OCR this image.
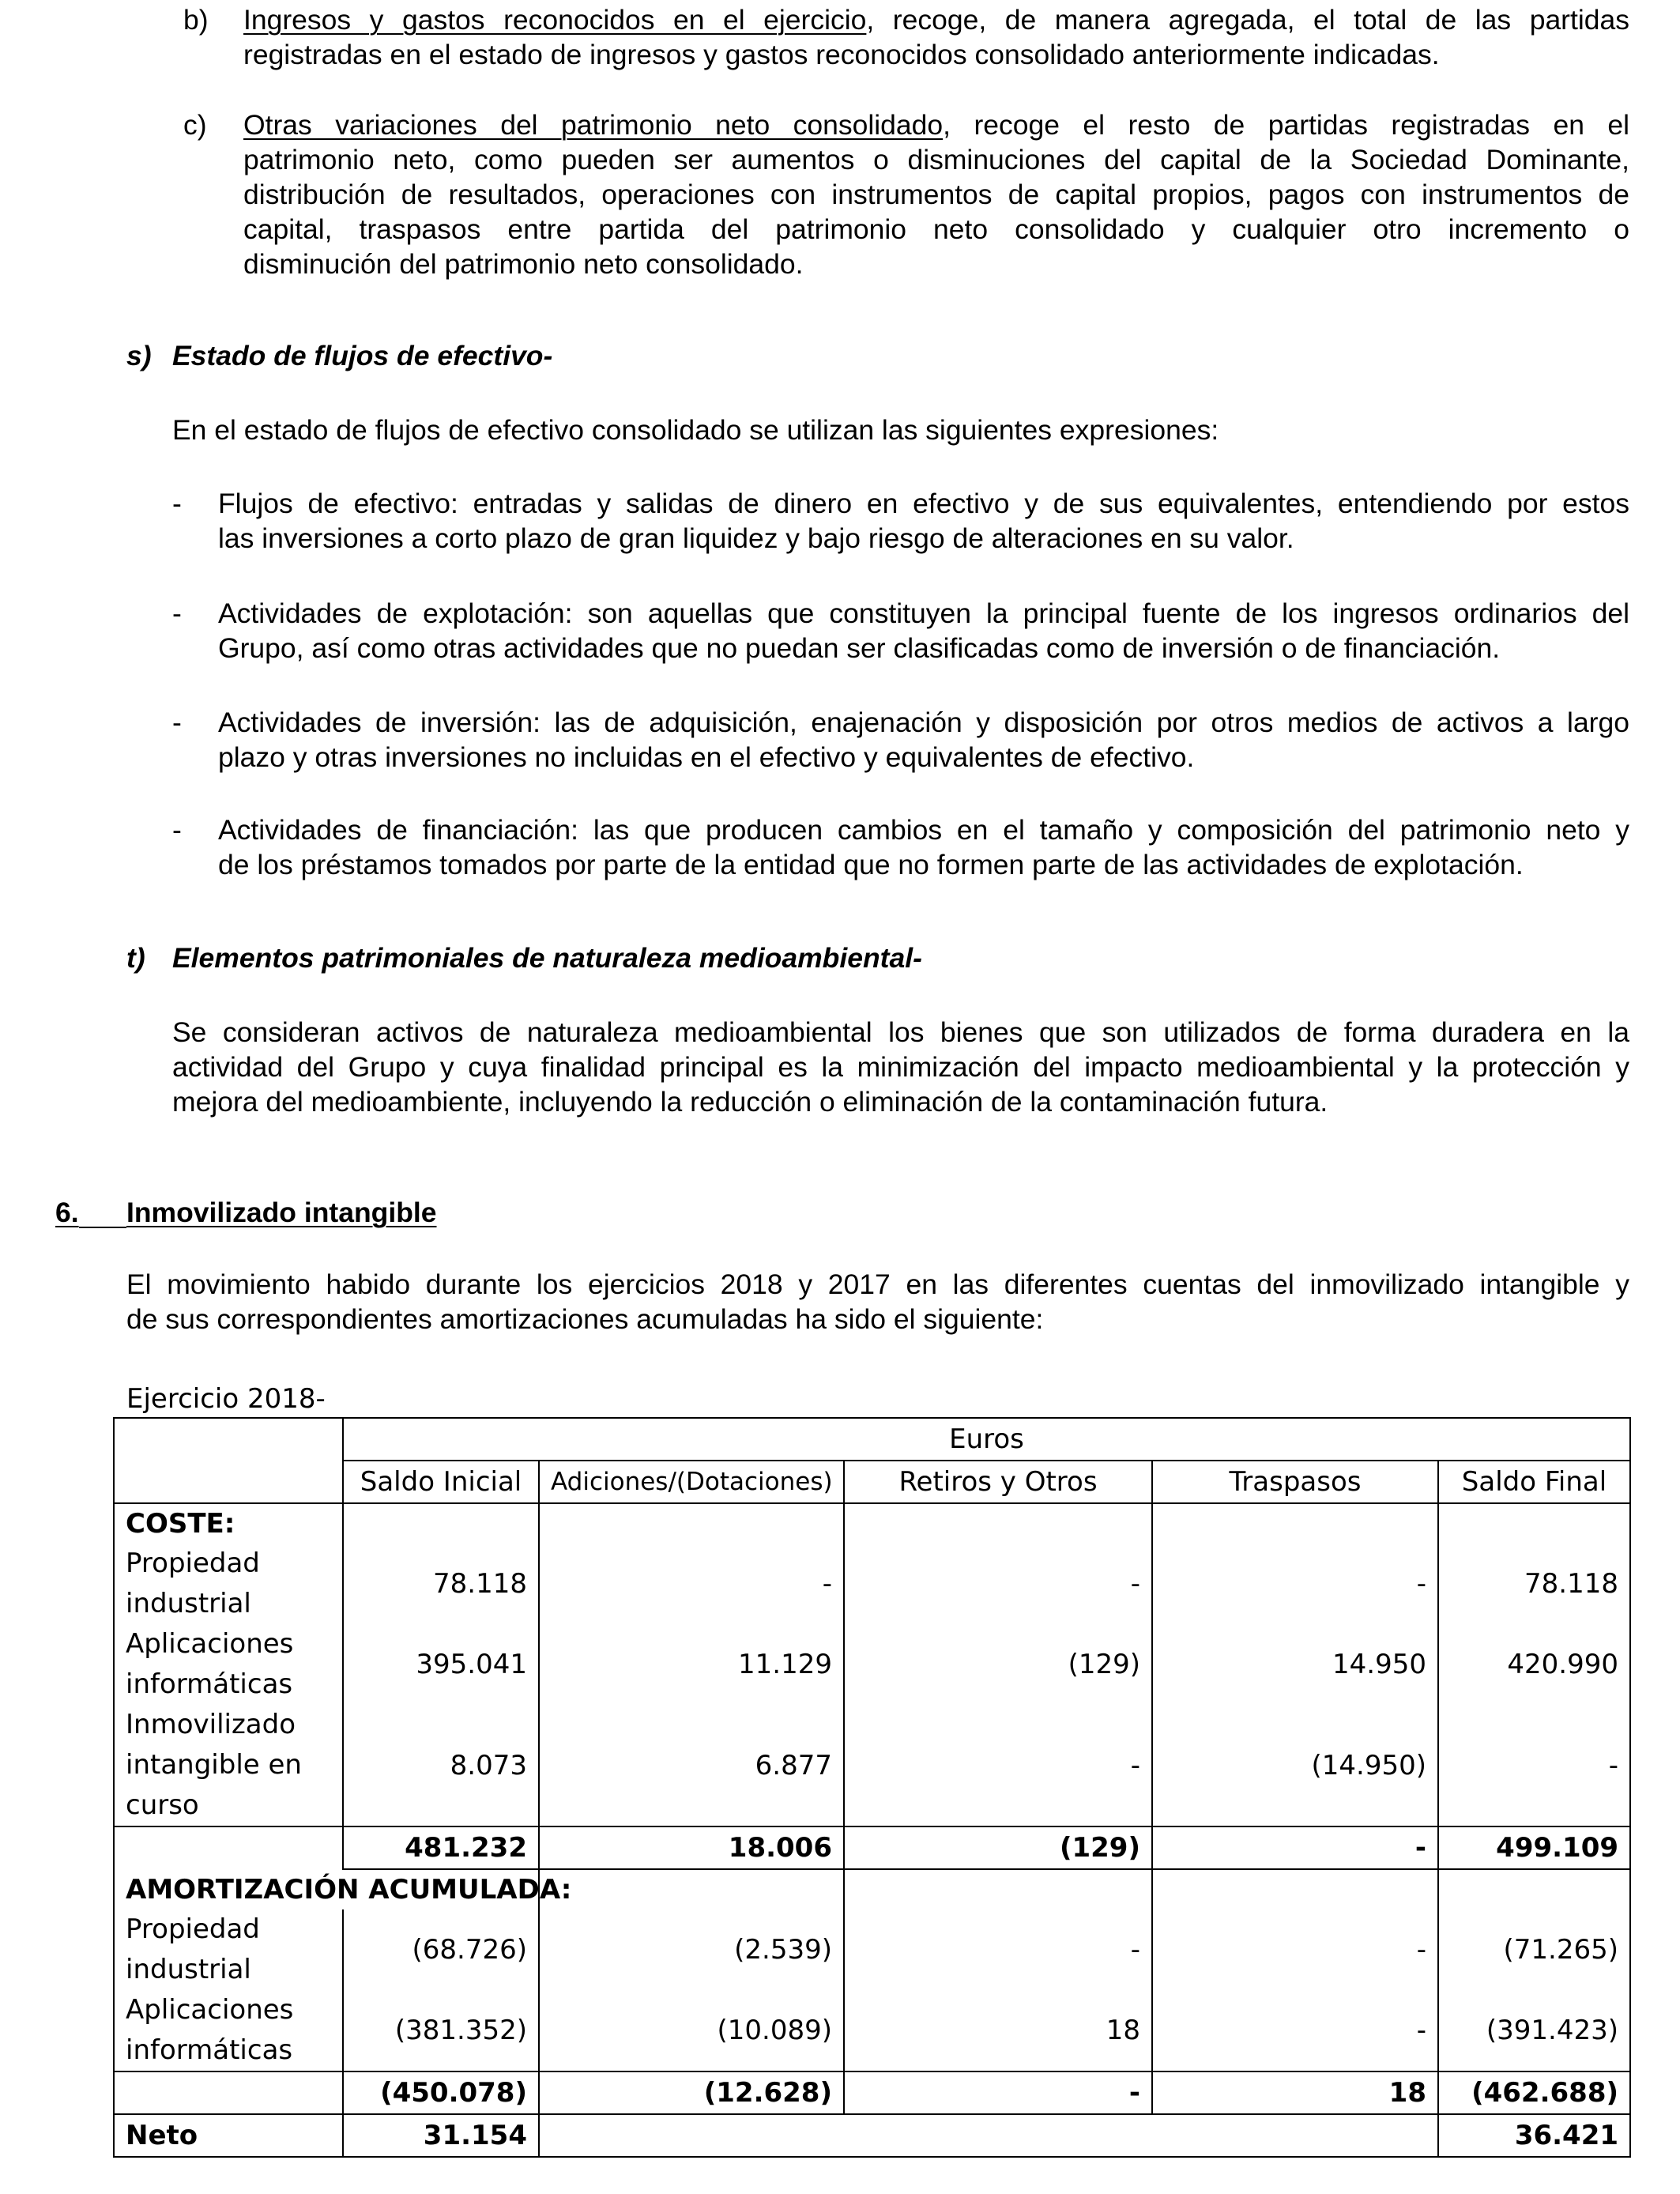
b) Ingresos y gastos reconocidos en el ejercicio, recoge, de manera agregada, el total de las partidas
registradas en el estado de ingresos y gastos reconocidos consolidado anteriormente indicadas.
c) Otras variaciones del patrimonio neto consolidado, recoge el resto de partidas registradas en el
patrimonio neto, como pueden ser aumentos o disminuciones del capital de la Sociedad Dominante,
distribución de resultados, operaciones con instrumentos de capital propios, pagos con instrumentos de
capital, traspasos entre partida del patrimonio neto consolidado y cualquier otro incremento o
disminución del patrimonio neto consolidado.
s) Estado de flujos de efectivo-
En el estado de flujos de efectivo consolidado se utilizan las siguientes expresiones:
- Flujos de efectivo: entradas y salidas de dinero en efectivo y de sus equivalentes, entendiendo por estos
las inversiones a corto plazo de gran liquidez y bajo riesgo de alteraciones en su valor.
- Actividades de explotación: son aquellas que constituyen la principal fuente de los ingresos ordinarios del
Grupo, así como otras actividades que no puedan ser clasificadas como de inversión o de financiación.
- Actividades de inversión: las de adquisición, enajenación y disposición por otros medios de activos a largo
plazo y otras inversiones no incluidas en el efectivo y equivalentes de efectivo.
- Actividades de financiación: las que producen cambios en el tamaño y composición del patrimonio neto y
de los préstamos tomados por parte de la entidad que no formen parte de las actividades de explotación.
t) Elementos patrimoniales de naturaleza medioambiental-
Se consideran activos de naturaleza medioambiental los bienes que son utilizados de forma duradera en la
actividad del Grupo y cuya finalidad principal es la minimización del impacto medioambiental y la protección y
mejora del medioambiente, incluyendo la reducción o eliminación de la contaminación futura.
6. Inmovilizado intangible
El movimiento habido durante los ejercicios 2018 y 2017 en las diferentes cuentas del inmovilizado intangible y
de sus correspondientes amortizaciones acumuladas ha sido el siguiente:
Ejercicio 2018-
	Euros				
	Saldo Inicial	Adiciones/(Dotaciones)	Retiros y Otros	Traspasos	Saldo Final
COSTE:					
Propiedad
industrial	78.118	-	-	-	78.118
Aplicaciones
informáticas	395.041	11.129	(129)	14.950	420.990
Inmovilizado
intangible en
curso	8.073	6.877	-	(14.950)	-
	481.232	18.006	(129)	-	499.109
AMORTIZACIÓN ACUMULADA:					
Propiedad
industrial	(68.726)	(2.539)	-	-	(71.265)
Aplicaciones
informáticas	(381.352)	(10.089)	18	-	(391.423)
	(450.078)	(12.628)	-	18	(462.688)
Neto	31.154				36.421
